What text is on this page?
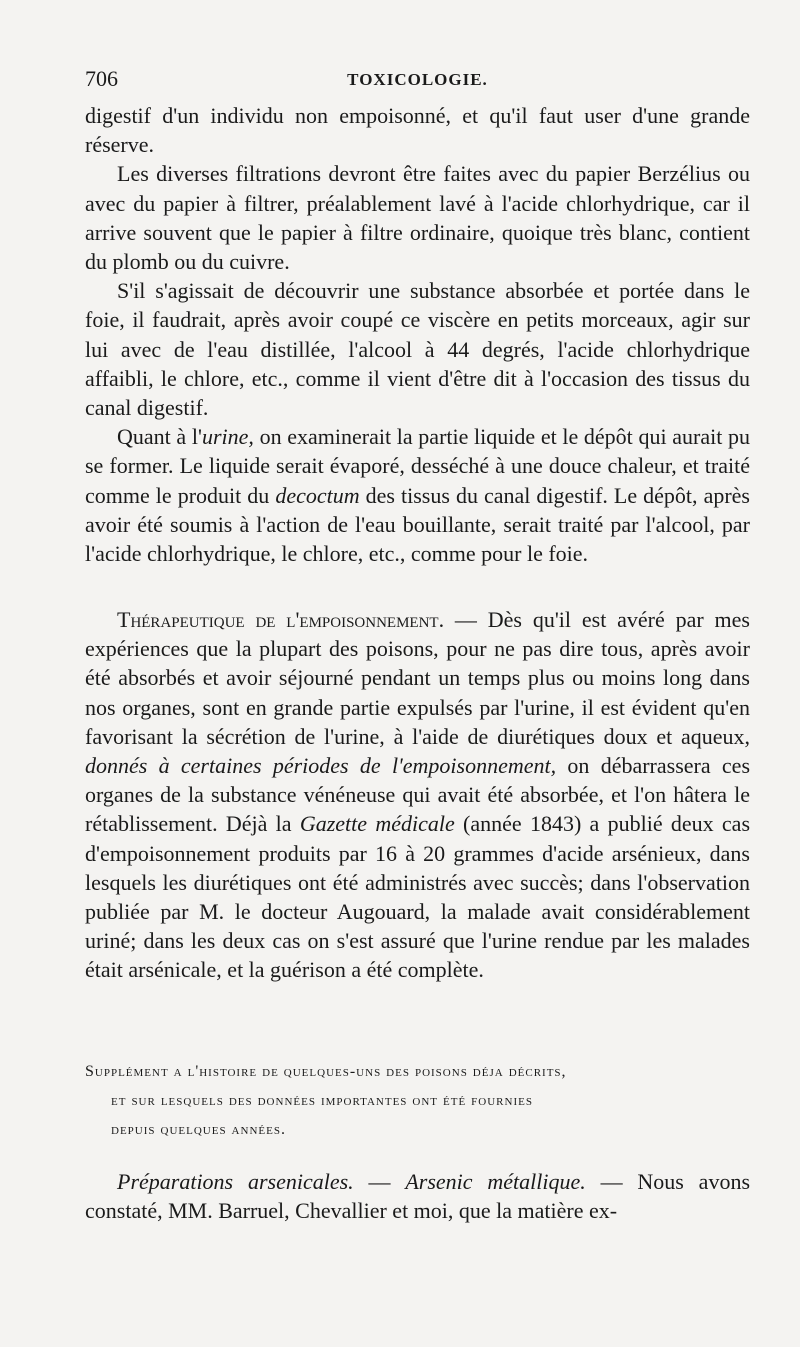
706	TOXICOLOGIE.

digestif d'un individu non empoisonné, et qu'il faut user d'une grande réserve.

Les diverses filtrations devront être faites avec du papier Berzélius ou avec du papier à filtrer, préalablement lavé à l'acide chlorhydrique, car il arrive souvent que le papier à filtre ordinaire, quoique très blanc, contient du plomb ou du cuivre.

S'il s'agissait de découvrir une substance absorbée et portée dans le foie, il faudrait, après avoir coupé ce viscère en petits morceaux, agir sur lui avec de l'eau distillée, l'alcool à 44 degrés, l'acide chlorhydrique affaibli, le chlore, etc., comme il vient d'être dit à l'occasion des tissus du canal digestif.

Quant à l'urine, on examinerait la partie liquide et le dépôt qui aurait pu se former. Le liquide serait évaporé, desséché à une douce chaleur, et traité comme le produit du decoctum des tissus du canal digestif. Le dépôt, après avoir été soumis à l'action de l'eau bouillante, serait traité par l'alcool, par l'acide chlorhydrique, le chlore, etc., comme pour le foie.

Thérapeutique de l'empoisonnement. — Dès qu'il est avéré par mes expériences que la plupart des poisons, pour ne pas dire tous, après avoir été absorbés et avoir séjourné pendant un temps plus ou moins long dans nos organes, sont en grande partie expulsés par l'urine, il est évident qu'en favorisant la sécrétion de l'urine, à l'aide de diurétiques doux et aqueux, donnés à certaines périodes de l'empoisonnement, on débarrassera ces organes de la substance vénéneuse qui avait été absorbée, et l'on hâtera le rétablissement. Déjà la Gazette médicale (année 1843) a publié deux cas d'empoisonnement produits par 16 à 20 grammes d'acide arsénieux, dans lesquels les diurétiques ont été administrés avec succès; dans l'observation publiée par M. le docteur Augouard, la malade avait considérablement uriné; dans les deux cas on s'est assuré que l'urine rendue par les malades était arsénicale, et la guérison a été complète.

Supplément a l'histoire de quelques-uns des poisons déja décrits,
et sur lesquels des données importantes ont été fournies
depuis quelques années.

Préparations arsenicales. — Arsenic métallique. — Nous avons constaté, MM. Barruel, Chevallier et moi, que la matière ex-
